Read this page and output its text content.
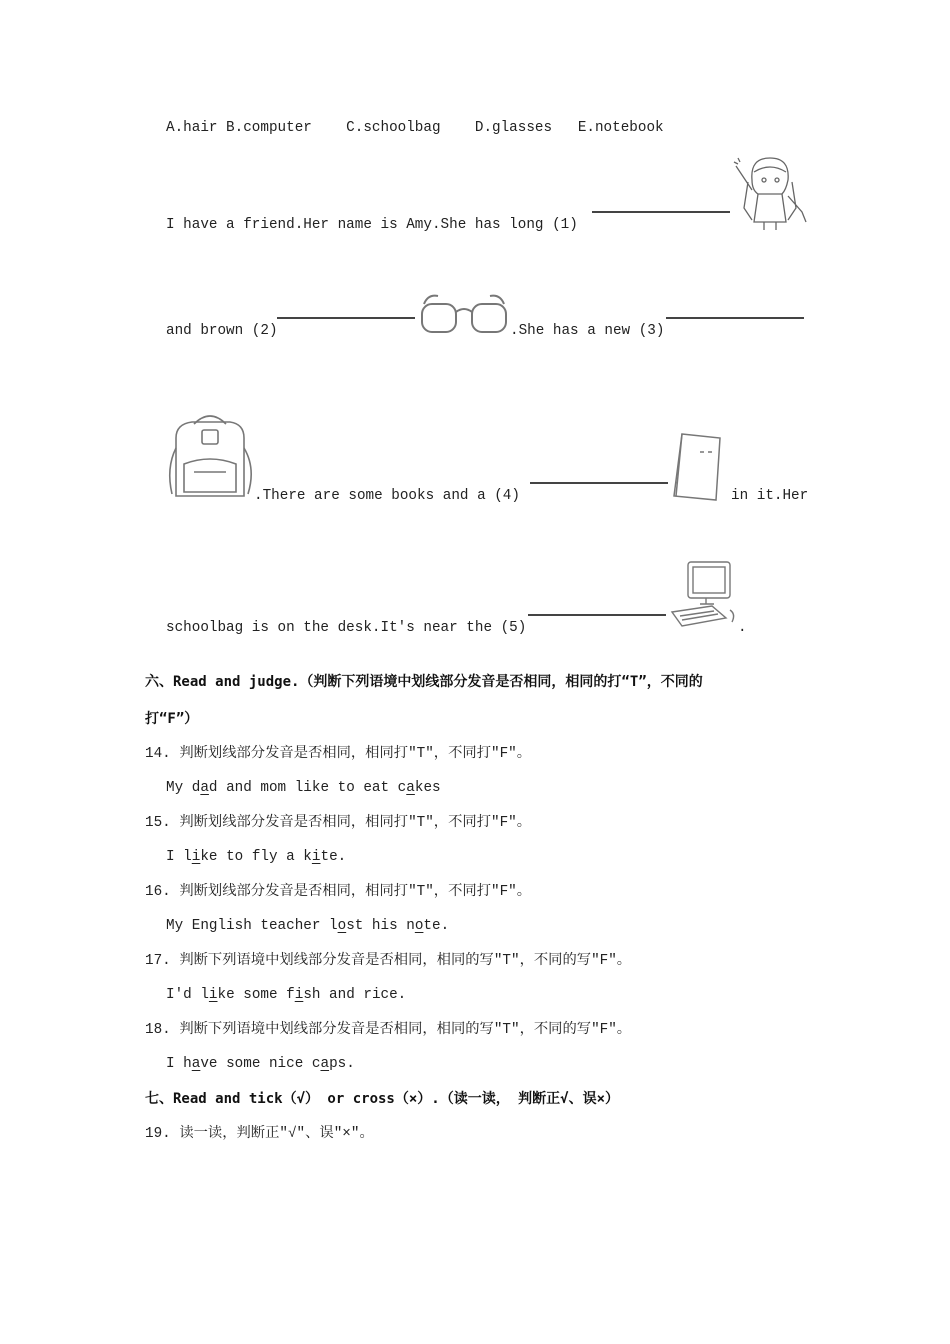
A.hair B.computer    C.schoolbag    D.glasses   E.notebook
I have a friend.Her name is Amy.She has long (1)
and brown (2)	.She has a new (3)
.There are some books and a (4)	in it.Her
schoolbag is on the desk.It's near the (5)	.
六、Read and judge.（判断下列语境中划线部分发音是否相同，相同的打“T”，不同的
打“F”）
14. 判断划线部分发音是否相同，相同打"T"，不同打"F"。
My dad and mom like to eat cakes
15. 判断划线部分发音是否相同，相同打"T"，不同打"F"。
I like to fly a kite.
16. 判断划线部分发音是否相同，相同打"T"，不同打"F"。
My English teacher lost his note.
17. 判断下列语境中划线部分发音是否相同，相同的写"T"，不同的写"F"。
I'd like some fish and rice.
18. 判断下列语境中划线部分发音是否相同，相同的写"T"，不同的写"F"。
I have some nice caps.
七、Read and tick（√） or cross（×）.（读一读， 判断正√、误×）
19. 读一读，判断正"√"、误"×"。
